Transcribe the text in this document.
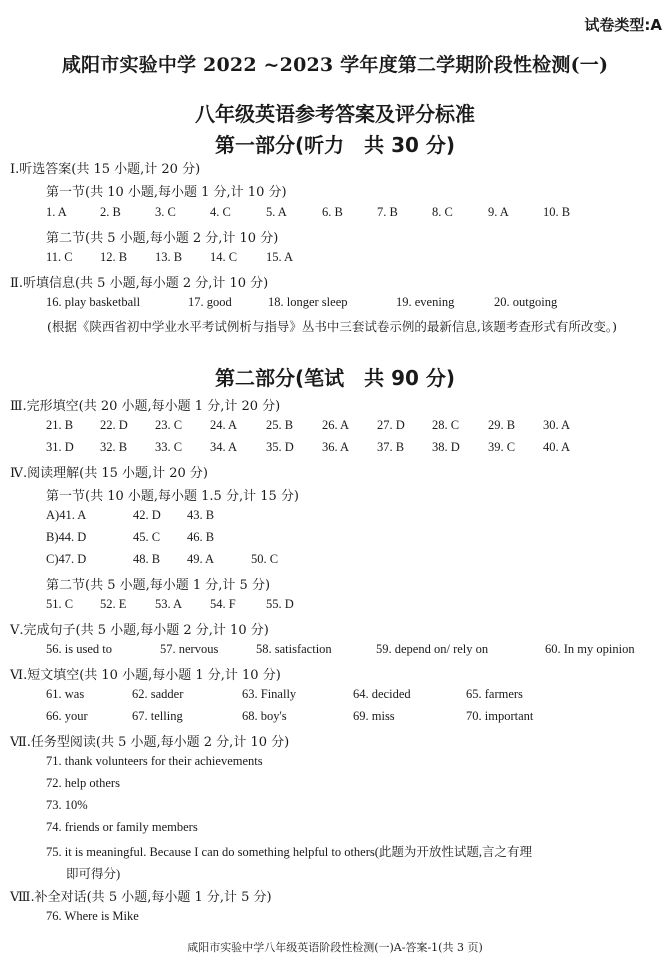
试卷类型:A
咸阳市实验中学 2022 ~2023 学年度第二学期阶段性检测(一)
八年级英语参考答案及评分标准
第一部分(听力　共 30 分)
Ⅰ.听选答案(共 15 小题,计 20 分)
第一节(共 10 小题,每小题 1 分,计 10 分)
1. A	2. B	3. C	4. C	5. A	6. B	7. B	8. C	9. A	10. B
第二节(共 5 小题,每小题 2 分,计 10 分)
11. C 12. B 13. B 14. C 15. A
Ⅱ.听填信息(共 5 小题,每小题 2 分,计 10 分)
16. play basketball	17. good	18. longer sleep	19. evening	20. outgoing
(根据《陕西省初中学业水平考试例析与指导》丛书中三套试卷示例的最新信息,该题考查形式有所改变。)
第二部分(笔试　共 90 分)
Ⅲ.完形填空(共 20 小题,每小题 1 分,计 20 分)
21. B 22. D 23. C 24. A 25. B 26. A 27. D 28. C 29. B 30. A
31. D 32. B 33. C 34. A 35. D 36. A 37. B 38. D 39. C 40. A
Ⅳ.阅读理解(共 15 小题,计 20 分)
第一节(共 10 小题,每小题 1.5 分,计 15 分)
A)41. A	42. D 43. B
B)44. D	45. C 46. B
C)47. D	48. B 49. A	50. C
第二节(共 5 小题,每小题 1 分,计 5 分)
51. C 52. E 53. A 54. F 55. D
Ⅴ.完成句子(共 5 小题,每小题 2 分,计 10 分)
56. is used to	57. nervous	58. satisfaction	59. depend on/ rely on	60. In my opinion
Ⅵ.短文填空(共 10 小题,每小题 1 分,计 10 分)
61. was	62. sadder	63. Finally	64. decided	65. farmers
66. your	67. telling	68. boy's	69. miss	70. important
Ⅶ.任务型阅读(共 5 小题,每小题 2 分,计 10 分)
71. thank volunteers for their achievements
72. help others
73. 10%
74. friends or family members
75. it is meaningful. Because I can do something helpful to others(此题为开放性试题,言之有理
即可得分)
Ⅷ.补全对话(共 5 小题,每小题 1 分,计 5 分)
76. Where is Mike
咸阳市实验中学八年级英语阶段性检测(一)A-答案-1(共 3 页)
